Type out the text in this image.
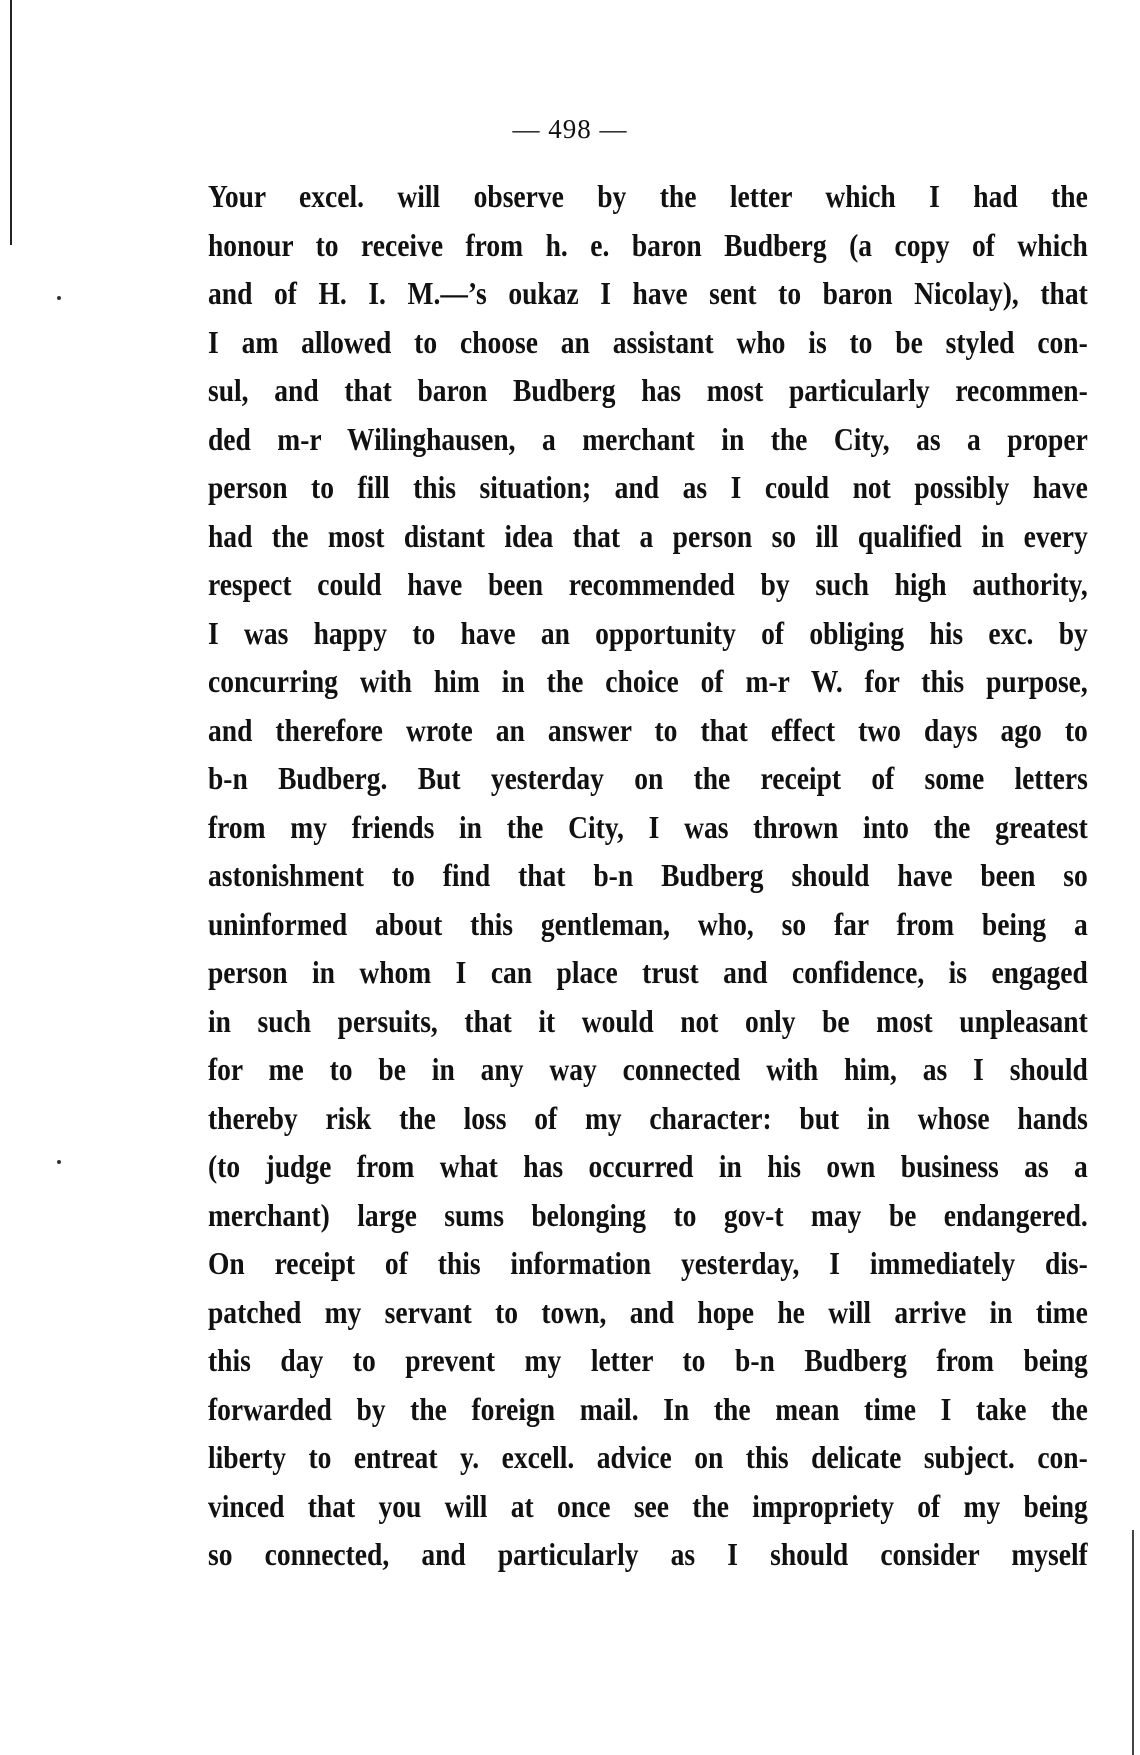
— 498 —
Your excel. will observe by the letter which I had the
honour to receive from h. e. baron Budberg (a copy of which
and of H. I. M.—’s oukaz I have sent to baron Nicolay), that
I am allowed to choose an assistant who is to be styled con-
sul, and that baron Budberg has most particularly recommen-
ded m-r Wilinghausen, a merchant in the City, as a proper
person to fill this situation; and as I could not possibly have
had the most distant idea that a person so ill qualified in every
respect could have been recommended by such high authority,
I was happy to have an opportunity of obliging his exc. by
concurring with him in the choice of m-r W. for this purpose,
and therefore wrote an answer to that effect two days ago to
b-n Budberg. But yesterday on the receipt of some letters
from my friends in the City, I was thrown into the greatest
astonishment to find that b-n Budberg should have been so
uninformed about this gentleman, who, so far from being a
person in whom I can place trust and confidence, is engaged
in such persuits, that it would not only be most unpleasant
for me to be in any way connected with him, as I should
thereby risk the loss of my character: but in whose hands
(to judge from what has occurred in his own business as a
merchant) large sums belonging to gov-t may be endangered.
On receipt of this information yesterday, I immediately dis-
patched my servant to town, and hope he will arrive in time
this day to prevent my letter to b-n Budberg from being
forwarded by the foreign mail. In the mean time I take the
liberty to entreat y. excell. advice on this delicate subject. con-
vinced that you will at once see the impropriety of my being
so connected, and particularly as I should consider myself
